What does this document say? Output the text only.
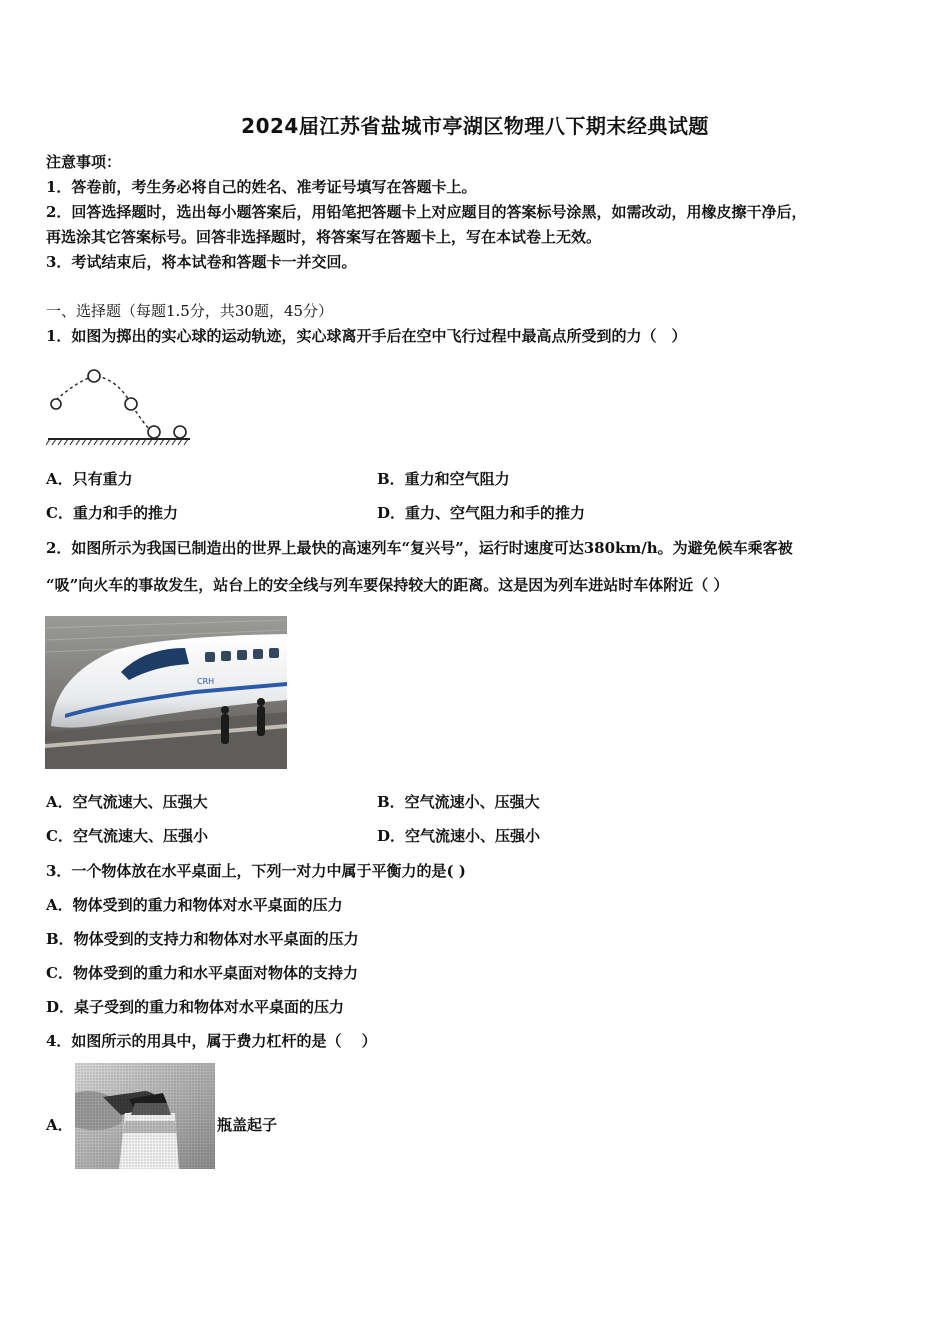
2024届江苏省盐城市亭湖区物理八下期末经典试题
注意事项：
1．答卷前，考生务必将自己的姓名、准考证号填写在答题卡上。
2．回答选择题时，选出每小题答案后，用铅笔把答题卡上对应题目的答案标号涂黑，如需改动，用橡皮擦干净后，
再选涂其它答案标号。回答非选择题时，将答案写在答题卡上，写在本试卷上无效。
3．考试结束后，将本试卷和答题卡一并交回。
一、选择题（每题1.5分，共30题，45分）
1．如图为掷出的实心球的运动轨迹，实心球离开手后在空中飞行过程中最高点所受到的力（　）
A．只有重力	B．重力和空气阻力
C．重力和手的推力	D．重力、空气阻力和手的推力
2．如图所示为我国已制造出的世界上最快的高速列车“复兴号”，运行时速度可达380km/h。为避免候车乘客被
“吸”向火车的事故发生，站台上的安全线与列车要保持较大的距离。这是因为列车进站时车体附近（ ）
CRH
A．空气流速大、压强大	B．空气流速小、压强大
C．空气流速大、压强小	D．空气流速小、压强小
3．一个物体放在水平桌面上，下列一对力中属于平衡力的是( )
A．物体受到的重力和物体对水平桌面的压力
B．物体受到的支持力和物体对水平桌面的压力
C．物体受到的重力和水平桌面对物体的支持力
D．桌子受到的重力和物体对水平桌面的压力
4．如图所示的用具中，属于费力杠杆的是（　 ）
A．	瓶盖起子
